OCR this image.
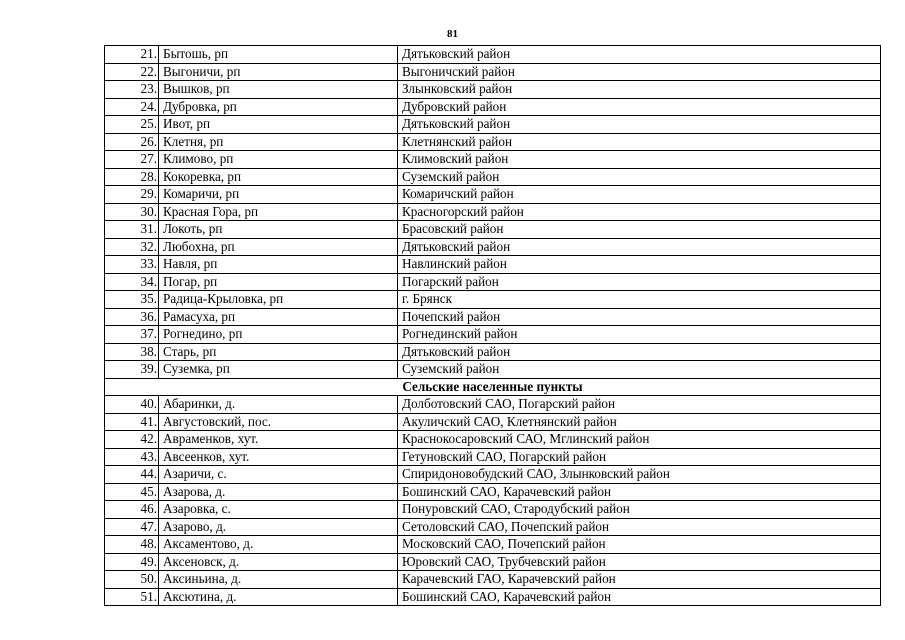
81
21.	Бытошь, рп	Дятьковский район
22.	Выгоничи, рп	Выгоничский район
23.	Вышков, рп	Злынковский район
24.	Дубровка, рп	Дубровский район
25.	Ивот, рп	Дятьковский район
26.	Клетня, рп	Клетнянский район
27.	Климово, рп	Климовский район
28.	Кокоревка, рп	Суземский район
29.	Комаричи, рп	Комаричский район
30.	Красная Гора, рп	Красногорский район
31.	Локоть, рп	Брасовский район
32.	Любохна, рп	Дятьковский район
33.	Навля, рп	Навлинский район
34.	Погар, рп	Погарский район
35.	Радица-Крыловка, рп	г. Брянск
36.	Рамасуха, рп	Почепский район
37.	Рогнедино, рп	Рогнединский район
38.	Старь, рп	Дятьковский район
39.	Суземка, рп	Суземский район
Сельские населенные пункты		
40.	Абаринки, д.	Долботовский САО, Погарский район
41.	Августовский, пос.	Акуличский САО, Клетнянский район
42.	Авраменков, хут.	Краснокосаровский САО, Мглинский район
43.	Авсеенков, хут.	Гетуновский САО, Погарский район
44.	Азаричи, с.	Спиридоновобудский САО, Злынковский район
45.	Азарова, д.	Бошинский САО, Карачевский район
46.	Азаровка, с.	Понуровский САО, Стародубский район
47.	Азарово, д.	Сетоловский САО, Почепский район
48.	Аксаментово, д.	Московский САО, Почепский район
49.	Аксеновск, д.	Юровский САО, Трубчевский район
50.	Аксиньина, д.	Карачевский ГАО, Карачевский район
51.	Аксютина, д.	Бошинский САО, Карачевский район
